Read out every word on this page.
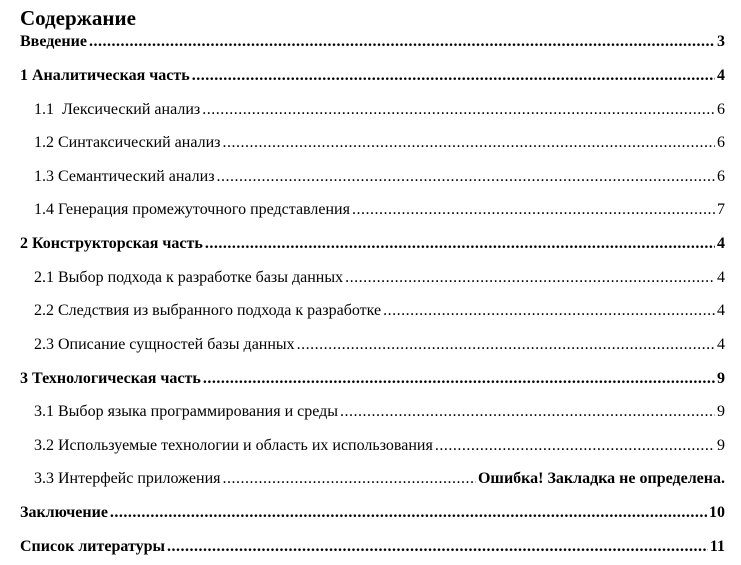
Содержание
Введение .....	3
1 Аналитическая часть .....	4
1.1  Лексический анализ .....	6
1.2 Синтаксический анализ .....	6
1.3 Семантический анализ .....	6
1.4 Генерация промежуточного представления .....	7
2 Конструкторская часть .....	4
2.1 Выбор подхода к разработке базы данных .....	4
2.2 Следствия из выбранного подхода к разработке .....	4
2.3 Описание сущностей базы данных .....	4
3 Технологическая часть .....	9
3.1 Выбор языка программирования и среды .....	9
3.2 Используемые технологии и область их использования .....	9
3.3 Интерфейс приложения .....	Ошибка! Закладка не определена.
Заключение .....	10
Список литературы .....	11
